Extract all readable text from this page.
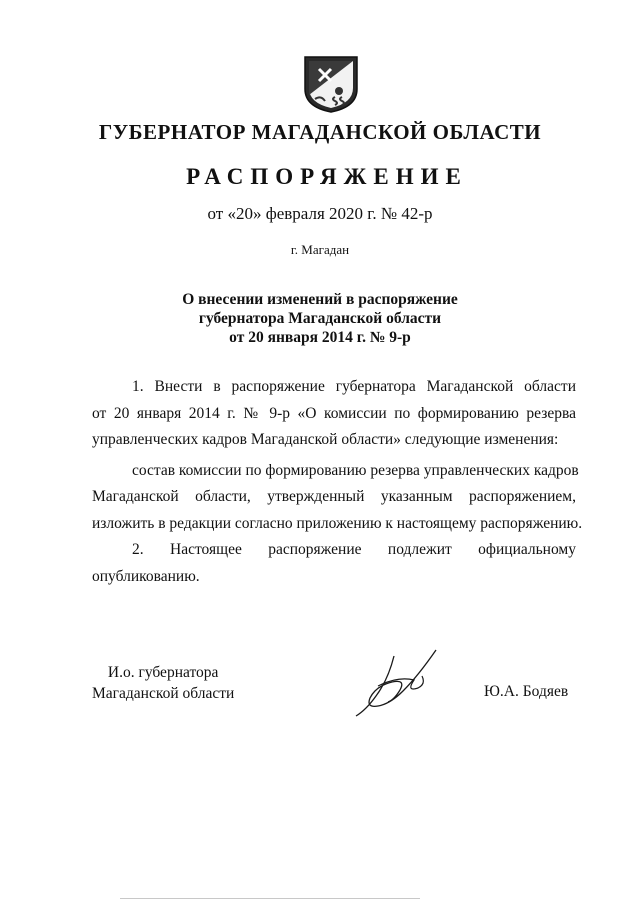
ГУБЕРНАТОР МАГАДАНСКОЙ ОБЛАСТИ
РАСПОРЯЖЕНИЕ
от «20» февраля 2020 г. № 42-р
г. Магадан
О внесении изменений в распоряжение
губернатора Магаданской области
от 20 января 2014 г. № 9-р
1. Внести в распоряжение губернатора Магаданской области
от 20 января 2014 г. № 9-р «О комиссии по формированию резерва
управленческих кадров Магаданской области» следующие изменения:
состав комиссии по формированию резерва управленческих кадров
Магаданской области, утвержденный указанным распоряжением,
изложить в редакции согласно приложению к настоящему распоряжению.
2. Настоящее распоряжение подлежит официальному
опубликованию.
И.о. губернатора
Магаданской области	Ю.А. Бодяев
